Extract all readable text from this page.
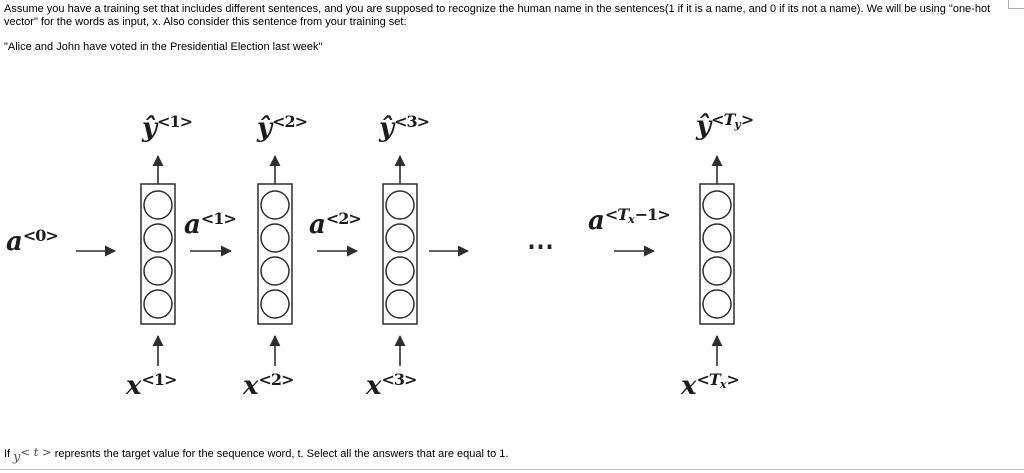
Assume you have a training set that includes different sentences, and you are supposed to recognize the human name in the sentences(1 if it is a name, and 0 if its not a name). We will be using "one-hot vector" for the words as input, x. Also consider this sentence from your training set:
"Alice and John have voted in the Presidential Election last week"
$ŷ^{<1>}$ $ŷ^{<2>}$	$ŷ^{<3>}$	$ŷ^{<Ty>}$
$a^{<0>}$	$a^{<1>}$	$a^{<2>}$	$a^{<Tx-1>}$
⋯
$x^{<1>}$	$x^{<2>}$	$x^{<3>}$	$x^{<Tx>}$
If y< t > represnts the target value for the sequence word, t. Select all the answers that are equal to 1.
